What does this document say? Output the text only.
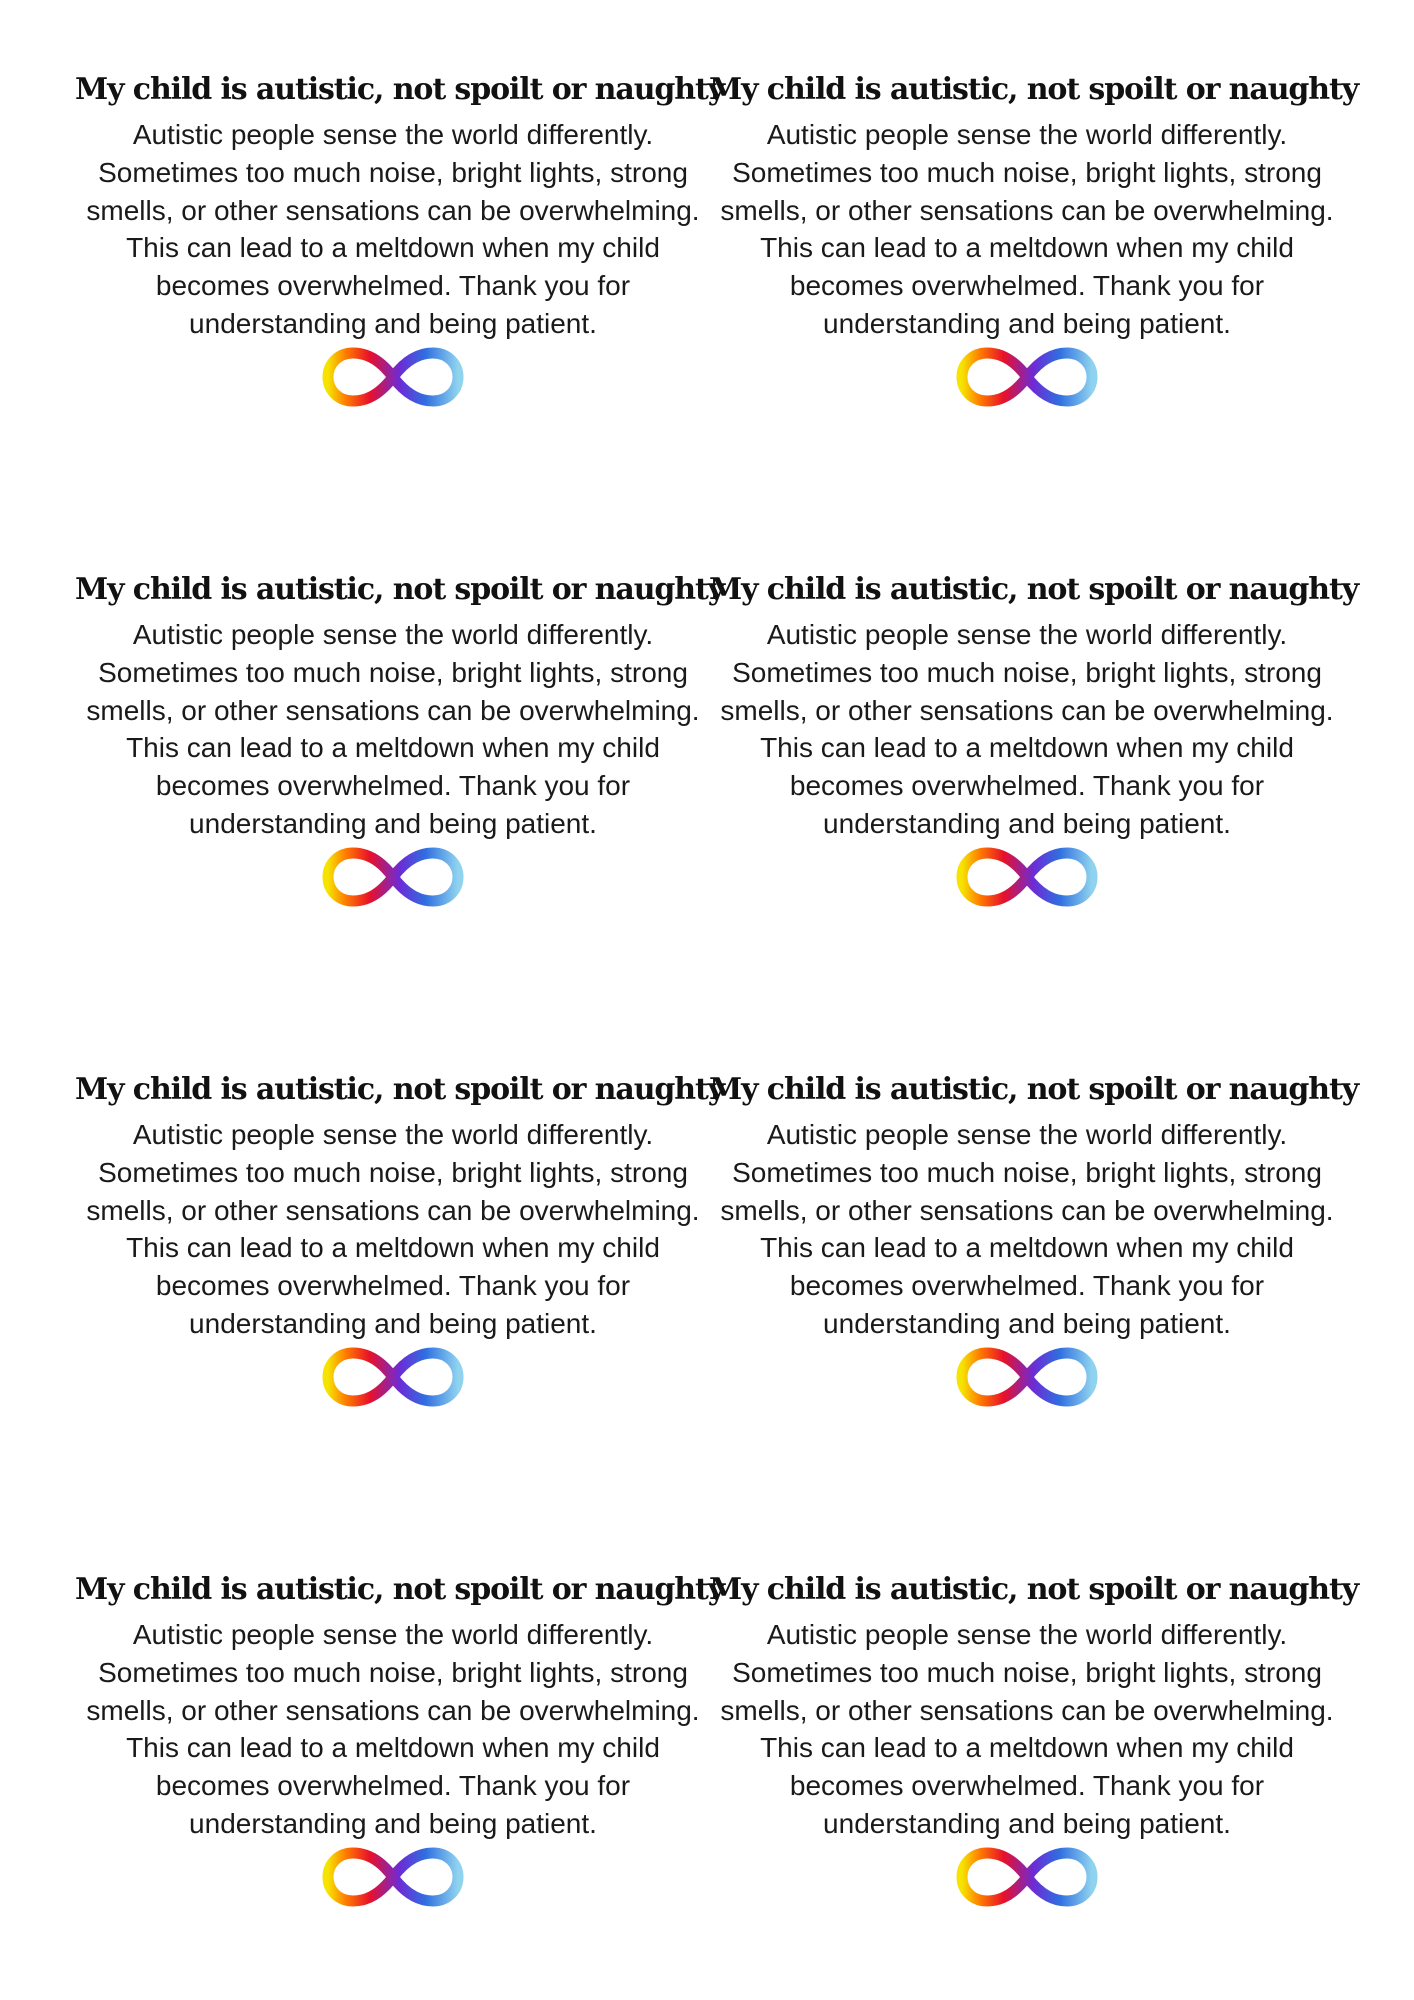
My child is autistic, not spoilt or naughty

Autistic people sense the world differently.
Sometimes too much noise, bright lights, strong
smells, or other sensations can be overwhelming.
This can lead to a meltdown when my child
becomes overwhelmed. Thank you for
understanding and being patient.

My child is autistic, not spoilt or naughty

Autistic people sense the world differently.
Sometimes too much noise, bright lights, strong
smells, or other sensations can be overwhelming.
This can lead to a meltdown when my child
becomes overwhelmed. Thank you for
understanding and being patient.

My child is autistic, not spoilt or naughty

Autistic people sense the world differently.
Sometimes too much noise, bright lights, strong
smells, or other sensations can be overwhelming.
This can lead to a meltdown when my child
becomes overwhelmed. Thank you for
understanding and being patient.

My child is autistic, not spoilt or naughty

Autistic people sense the world differently.
Sometimes too much noise, bright lights, strong
smells, or other sensations can be overwhelming.
This can lead to a meltdown when my child
becomes overwhelmed. Thank you for
understanding and being patient.

My child is autistic, not spoilt or naughty

Autistic people sense the world differently.
Sometimes too much noise, bright lights, strong
smells, or other sensations can be overwhelming.
This can lead to a meltdown when my child
becomes overwhelmed. Thank you for
understanding and being patient.

My child is autistic, not spoilt or naughty

Autistic people sense the world differently.
Sometimes too much noise, bright lights, strong
smells, or other sensations can be overwhelming.
This can lead to a meltdown when my child
becomes overwhelmed. Thank you for
understanding and being patient.

My child is autistic, not spoilt or naughty

Autistic people sense the world differently.
Sometimes too much noise, bright lights, strong
smells, or other sensations can be overwhelming.
This can lead to a meltdown when my child
becomes overwhelmed. Thank you for
understanding and being patient.

My child is autistic, not spoilt or naughty

Autistic people sense the world differently.
Sometimes too much noise, bright lights, strong
smells, or other sensations can be overwhelming.
This can lead to a meltdown when my child
becomes overwhelmed. Thank you for
understanding and being patient.
